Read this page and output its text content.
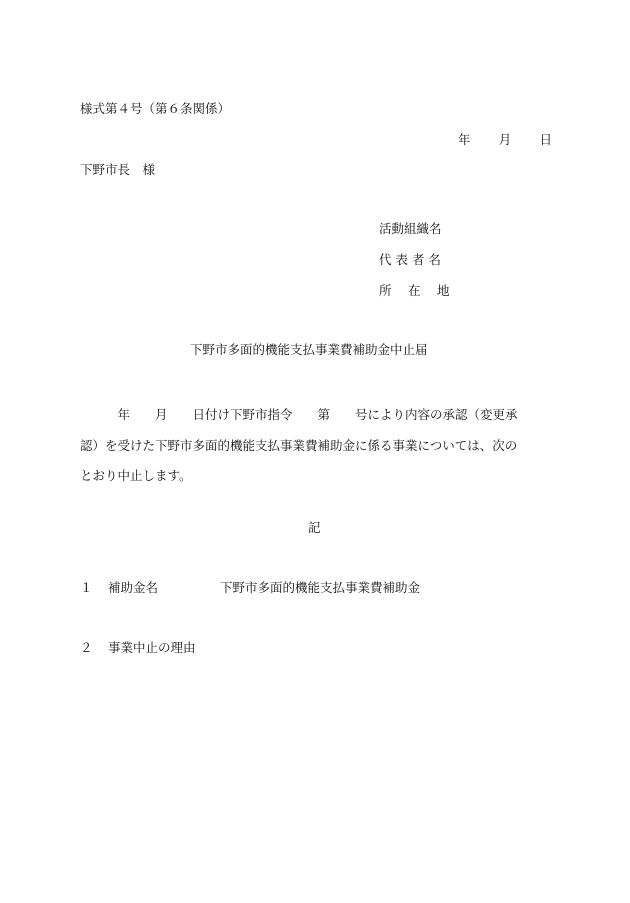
様式第４号（第６条関係）
年 月 日
下野市長　様
活動組織名
代 表 者 名
所　 在　 地
下野市多面的機能支払事業費補助金中止届
　　　年　　月　　日付け下野市指令　　第　　号により内容の承認（変更承
認）を受けた下野市多面的機能支払事業費補助金に係る事業については、次の
とおり中止します。
記
１ 補助金名	下野市多面的機能支払事業費補助金
２ 事業中止の理由
